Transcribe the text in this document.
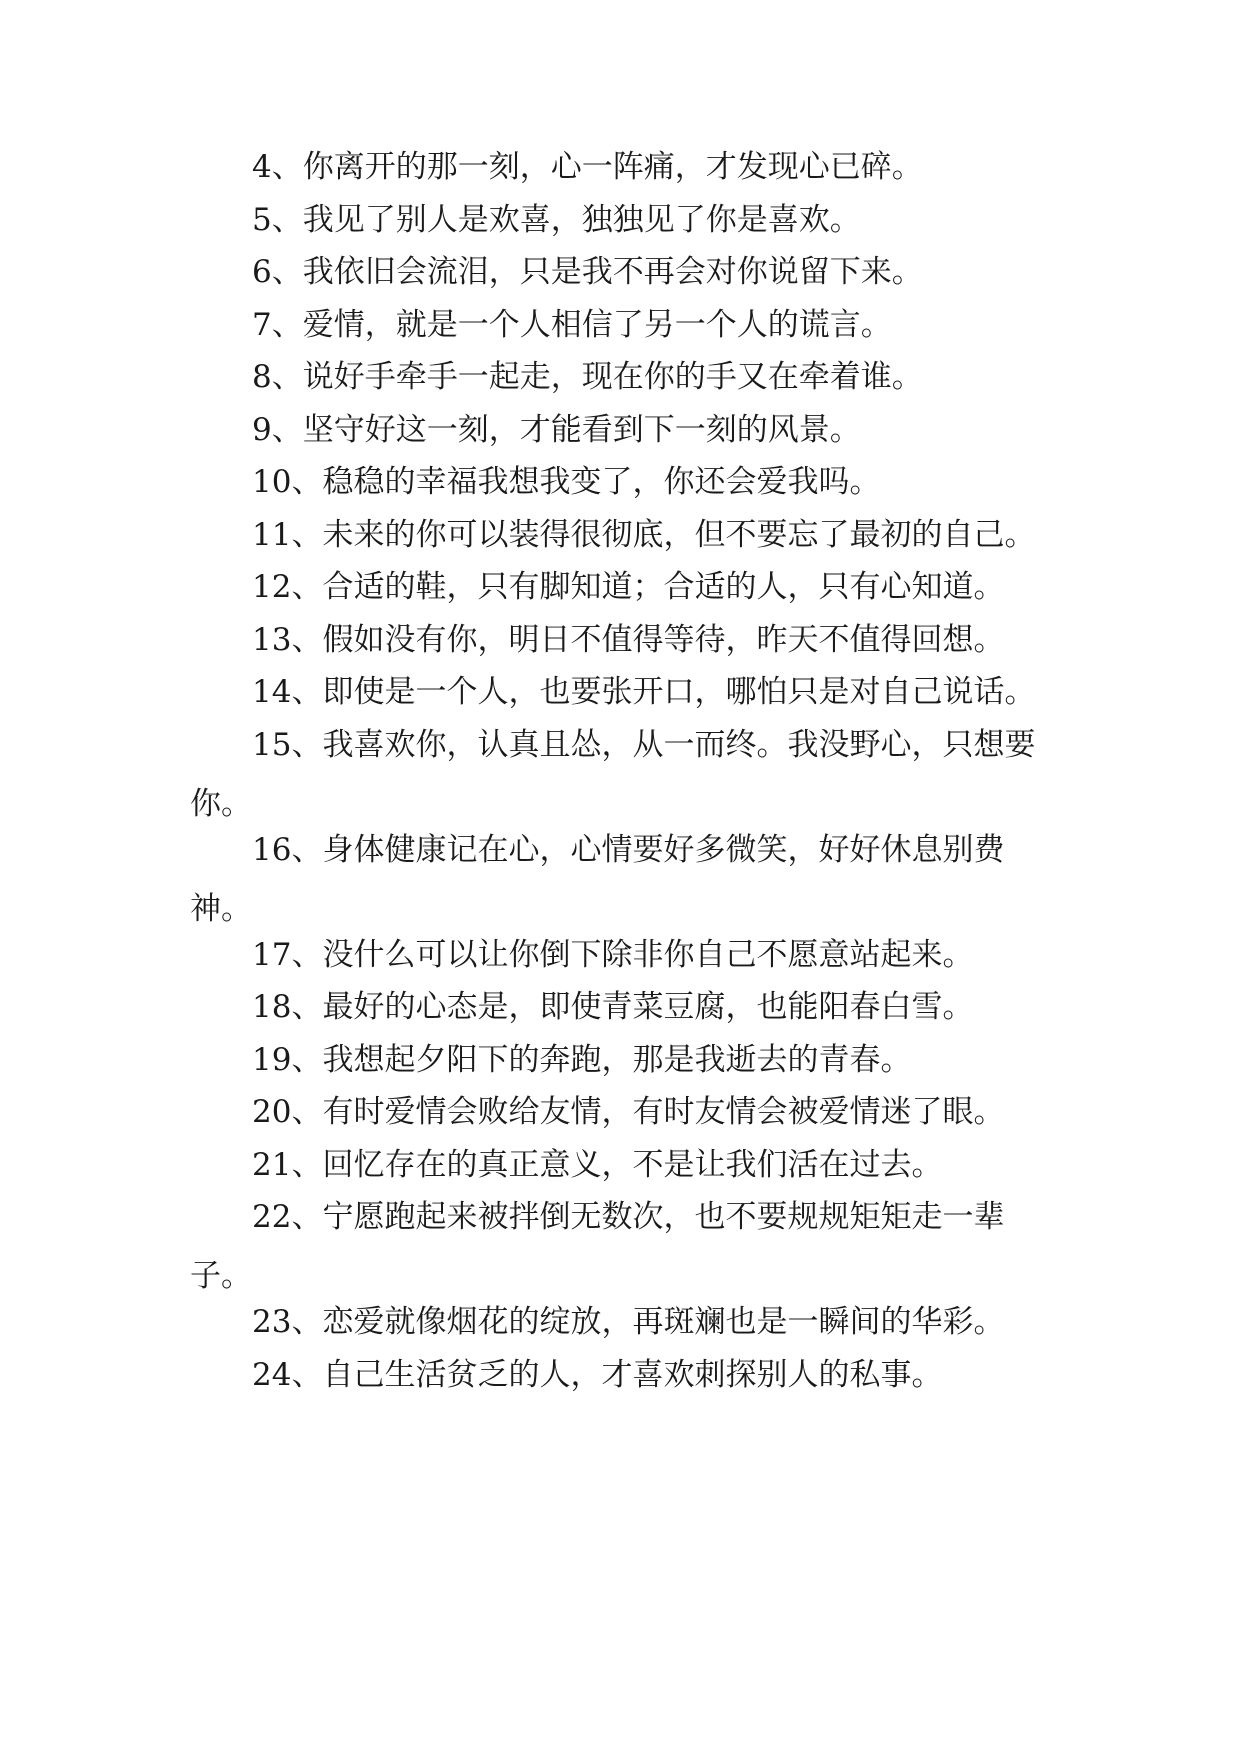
4、你离开的那一刻，心一阵痛，才发现心已碎。

5、我见了别人是欢喜，独独见了你是喜欢。

6、我依旧会流泪，只是我不再会对你说留下来。

7、爱情，就是一个人相信了另一个人的谎言。

8、说好手牵手一起走，现在你的手又在牵着谁。

9、坚守好这一刻，才能看到下一刻的风景。

10、稳稳的幸福我想我变了，你还会爱我吗。

11、未来的你可以装得很彻底，但不要忘了最初的自己。

12、合适的鞋，只有脚知道；合适的人，只有心知道。

13、假如没有你，明日不值得等待，昨天不值得回想。

14、即使是一个人，也要张开口，哪怕只是对自己说话。

15、我喜欢你，认真且怂，从一而终。我没野心，只想要你。

16、身体健康记在心，心情要好多微笑，好好休息别费神。

17、没什么可以让你倒下除非你自己不愿意站起来。

18、最好的心态是，即使青菜豆腐，也能阳春白雪。

19、我想起夕阳下的奔跑，那是我逝去的青春。

20、有时爱情会败给友情，有时友情会被爱情迷了眼。

21、回忆存在的真正意义，不是让我们活在过去。

22、宁愿跑起来被拌倒无数次，也不要规规矩矩走一辈子。

23、恋爱就像烟花的绽放，再斑斓也是一瞬间的华彩。

24、自己生活贫乏的人，才喜欢刺探别人的私事。
